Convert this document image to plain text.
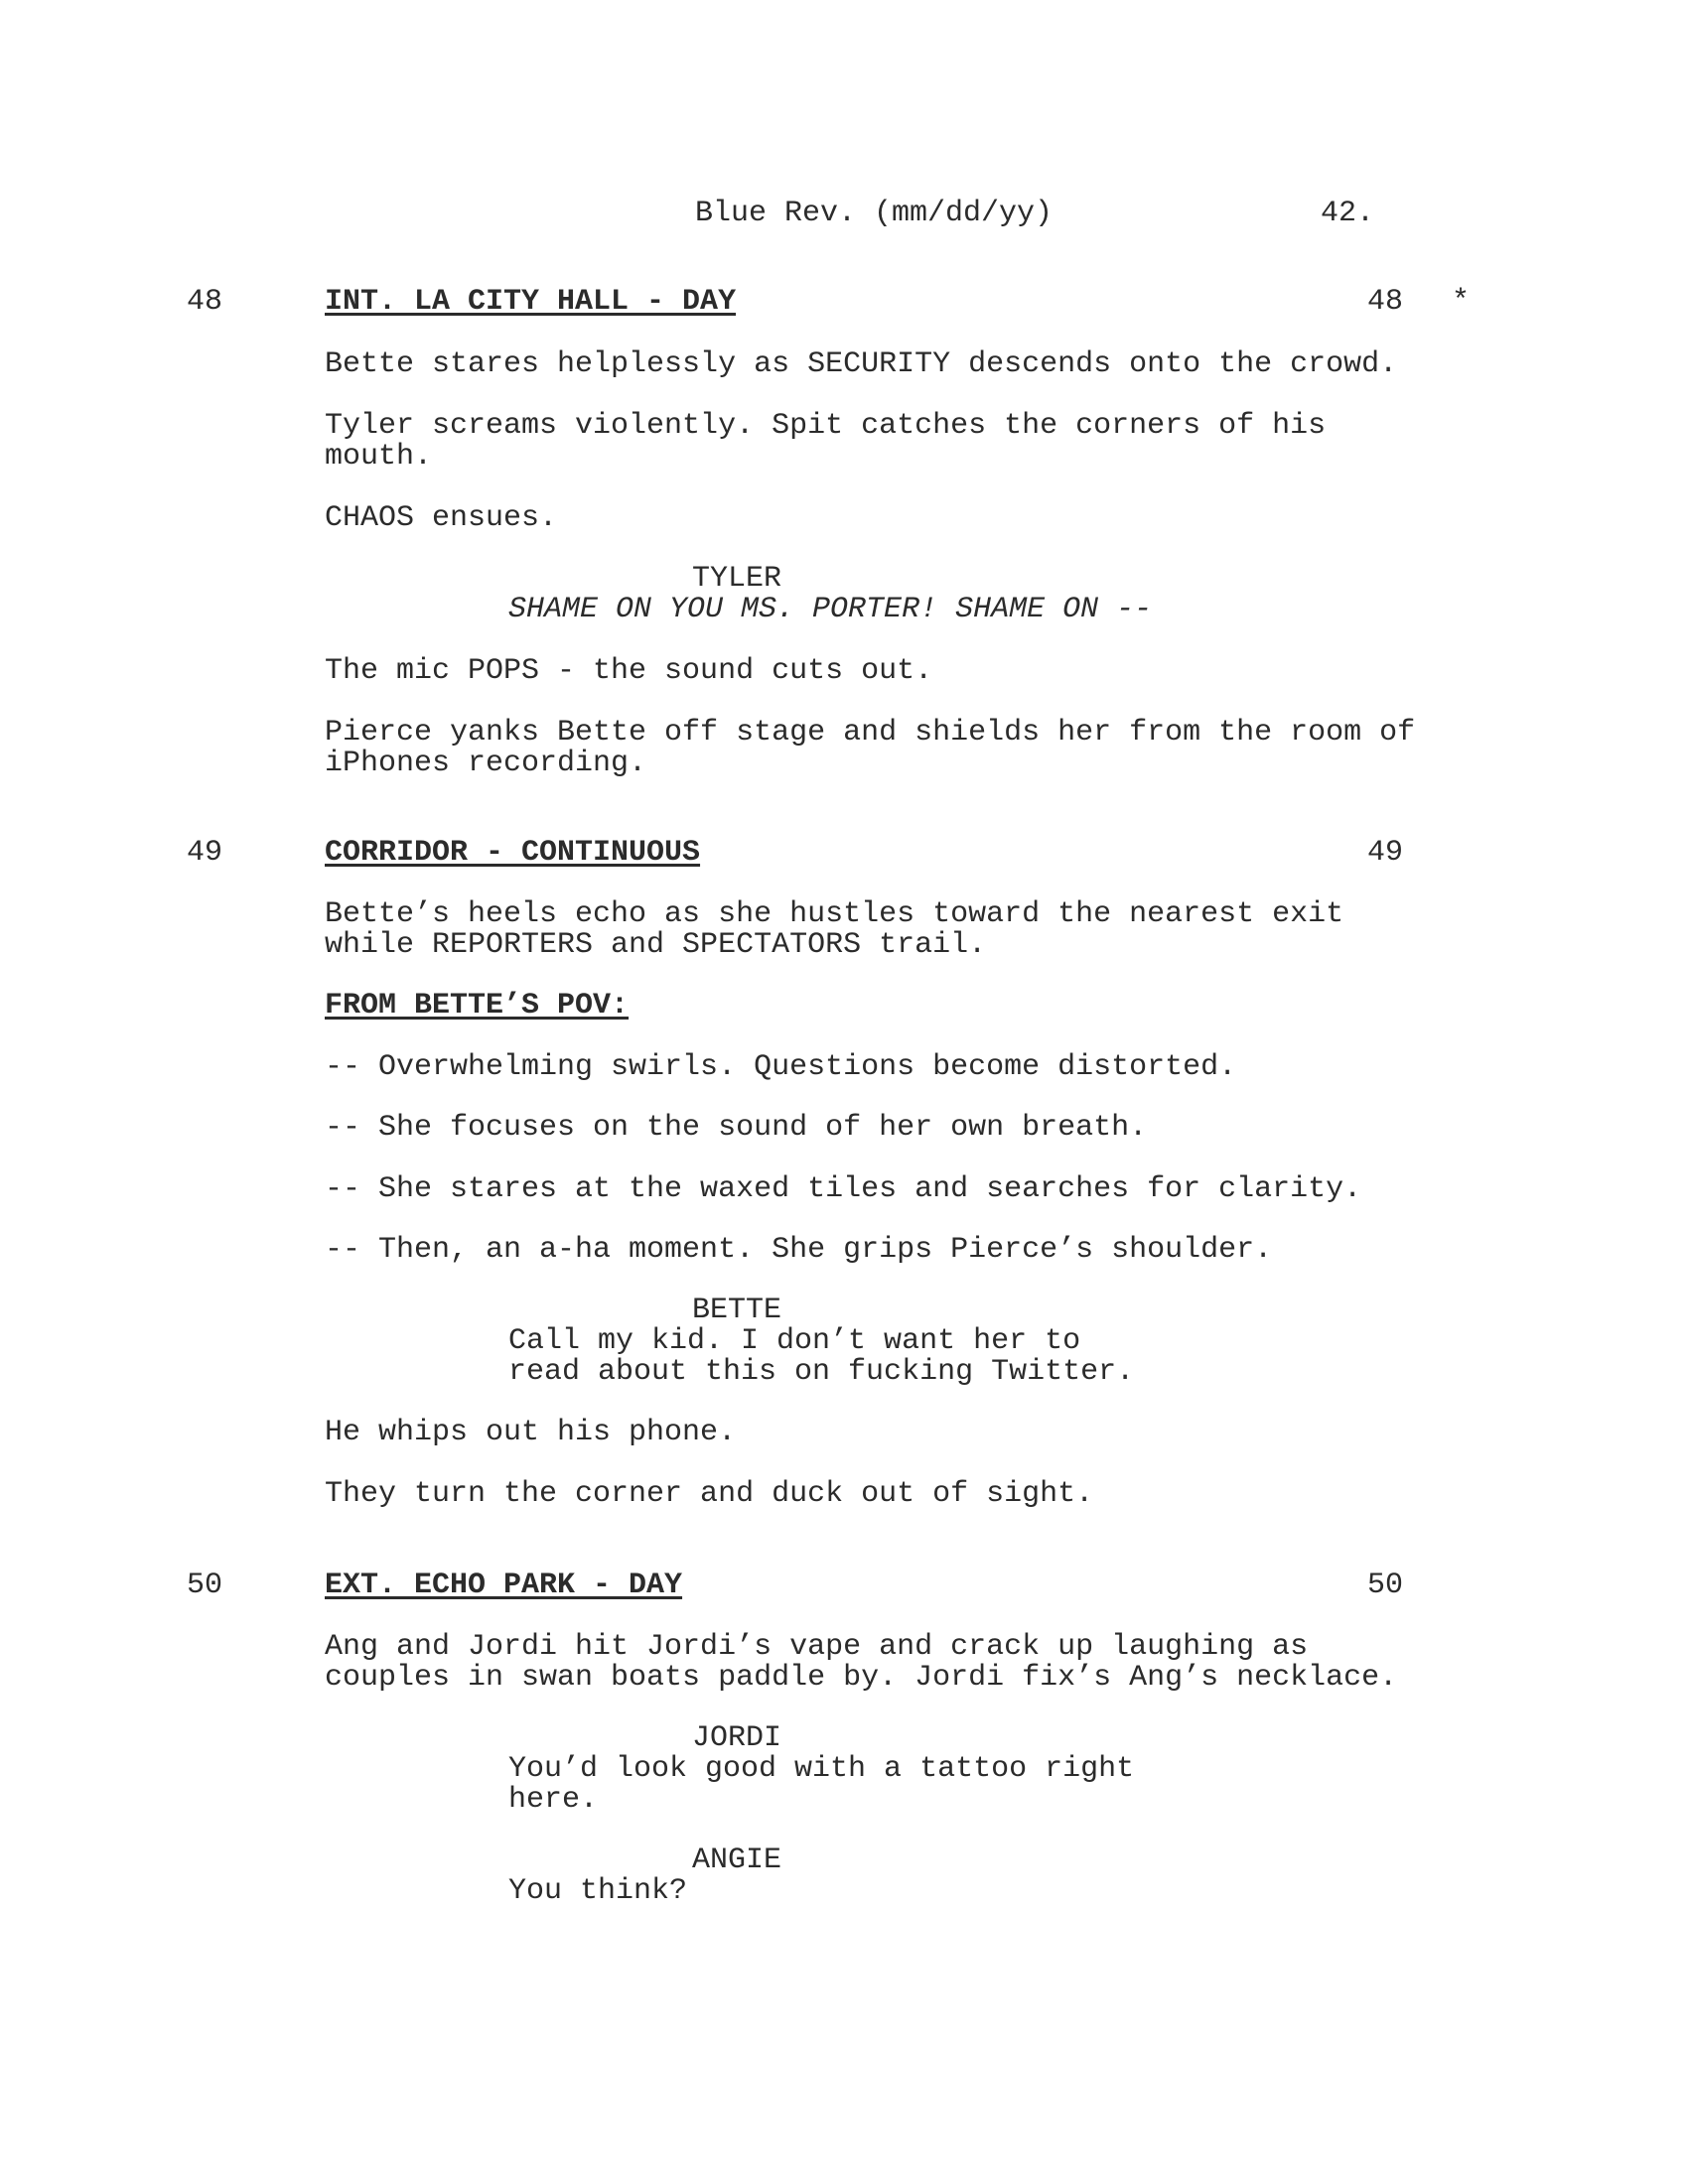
Blue Rev. (mm/dd/yy)	42.
48	INT. LA CITY HALL - DAY	48 *
Bette stares helplessly as SECURITY descends onto the crowd.
Tyler screams violently. Spit catches the corners of his
mouth.
CHAOS ensues.
TYLER
SHAME ON YOU MS. PORTER! SHAME ON --
The mic POPS - the sound cuts out.
Pierce yanks Bette off stage and shields her from the room of
iPhones recording.
49	CORRIDOR - CONTINUOUS	49
Bette’s heels echo as she hustles toward the nearest exit
while REPORTERS and SPECTATORS trail.
FROM BETTE’S POV:
-- Overwhelming swirls. Questions become distorted.
-- She focuses on the sound of her own breath.
-- She stares at the waxed tiles and searches for clarity.
-- Then, an a-ha moment. She grips Pierce’s shoulder.
BETTE
Call my kid. I don’t want her to
read about this on fucking Twitter.
He whips out his phone.
They turn the corner and duck out of sight.
50	EXT. ECHO PARK - DAY	50
Ang and Jordi hit Jordi’s vape and crack up laughing as
couples in swan boats paddle by. Jordi fix’s Ang’s necklace.
JORDI
You’d look good with a tattoo right
here.
ANGIE
You think?
